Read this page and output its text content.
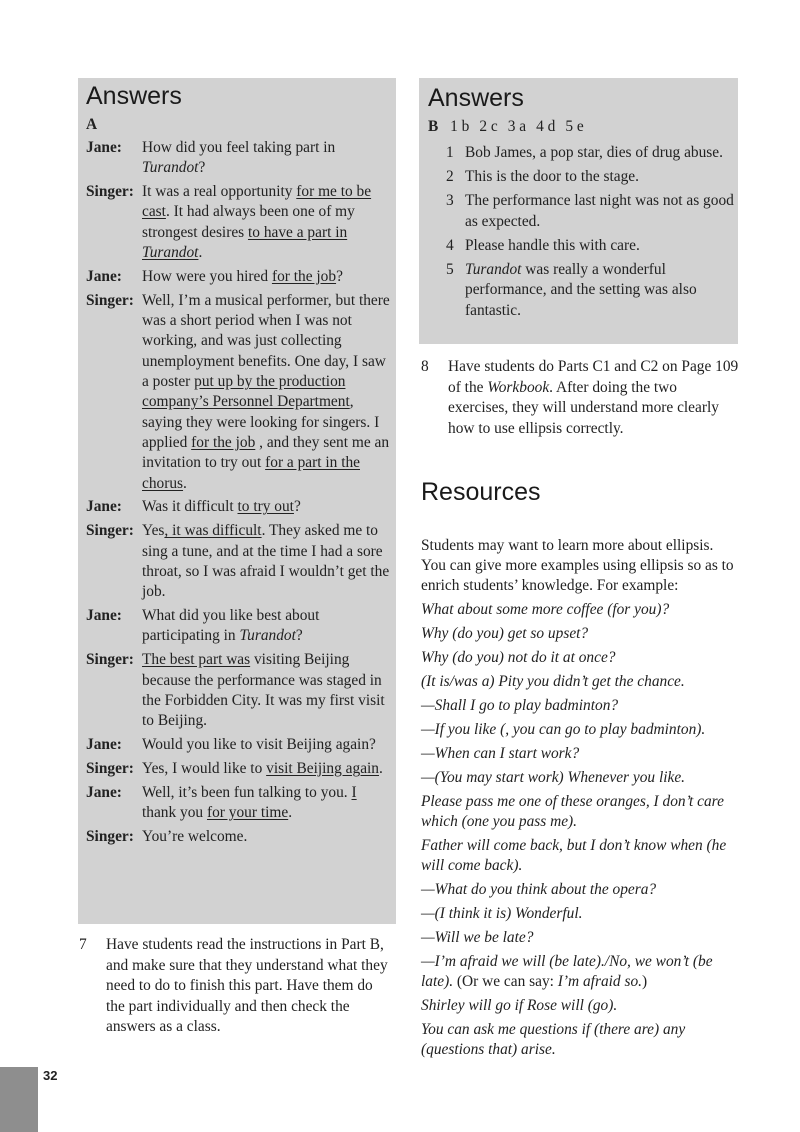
Answers
A
Jane:	How did you feel taking part in Turandot?
Singer: It was a real opportunity for me to be cast. It had always been one of my strongest desires to have a part in Turandot.
Jane:	How were you hired for the job?
Singer: Well, I’m a musical performer, but there was a short period when I was not working, and was just collecting unemployment benefits. One day, I saw a poster put up by the production company’s Personnel Department, saying they were looking for singers. I applied for the job , and they sent me an invitation to try out for a part in the chorus.
Jane:	Was it difficult to try out?
Singer: Yes, it was difficult. They asked me to sing a tune, and at the time I had a sore throat, so I was afraid I wouldn’t get the job.
Jane:	What did you like best about participating in Turandot?
Singer: The best part was visiting Beijing because the performance was staged in the Forbidden City. It was my first visit to Beijing.
Jane:	Would you like to visit Beijing again?
Singer: Yes, I would like to visit Beijing again.
Jane:	Well, it’s been fun talking to you. I thank you for your time.
Singer: You’re welcome.
Answers
B 1 b 2 c 3 a 4 d 5 e
1 Bob James, a pop star, dies of drug abuse.
2 This is the door to the stage.
3 The performance last night was not as good as expected.
4 Please handle this with care.
5 Turandot was really a wonderful performance, and the setting was also fantastic.
8	Have students do Parts C1 and C2 on Page 109 of the Workbook. After doing the two exercises, they will understand more clearly how to use ellipsis correctly.
7	Have students read the instructions in Part B, and make sure that they understand what they need to do to finish this part. Have them do the part individually and then check the answers as a class.
Resources
Students may want to learn more about ellipsis. You can give more examples using ellipsis so as to enrich students’ knowledge. For example:
What about some more coffee (for you)?
Why (do you) get so upset?
Why (do you) not do it at once?
(It is/was a) Pity you didn’t get the chance.
—Shall I go to play badminton?
—If you like (, you can go to play badminton).
—When can I start work?
—(You may start work) Whenever you like.
Please pass me one of these oranges, I don’t care which (one you pass me).
Father will come back, but I don’t know when (he will come back).
—What do you think about the opera?
—(I think it is) Wonderful.
—Will we be late?
—I’m afraid we will (be late)./No, we won’t (be late). (Or we can say: I’m afraid so.)
Shirley will go if Rose will (go).
You can ask me questions if (there are) any (questions that) arise.
32
